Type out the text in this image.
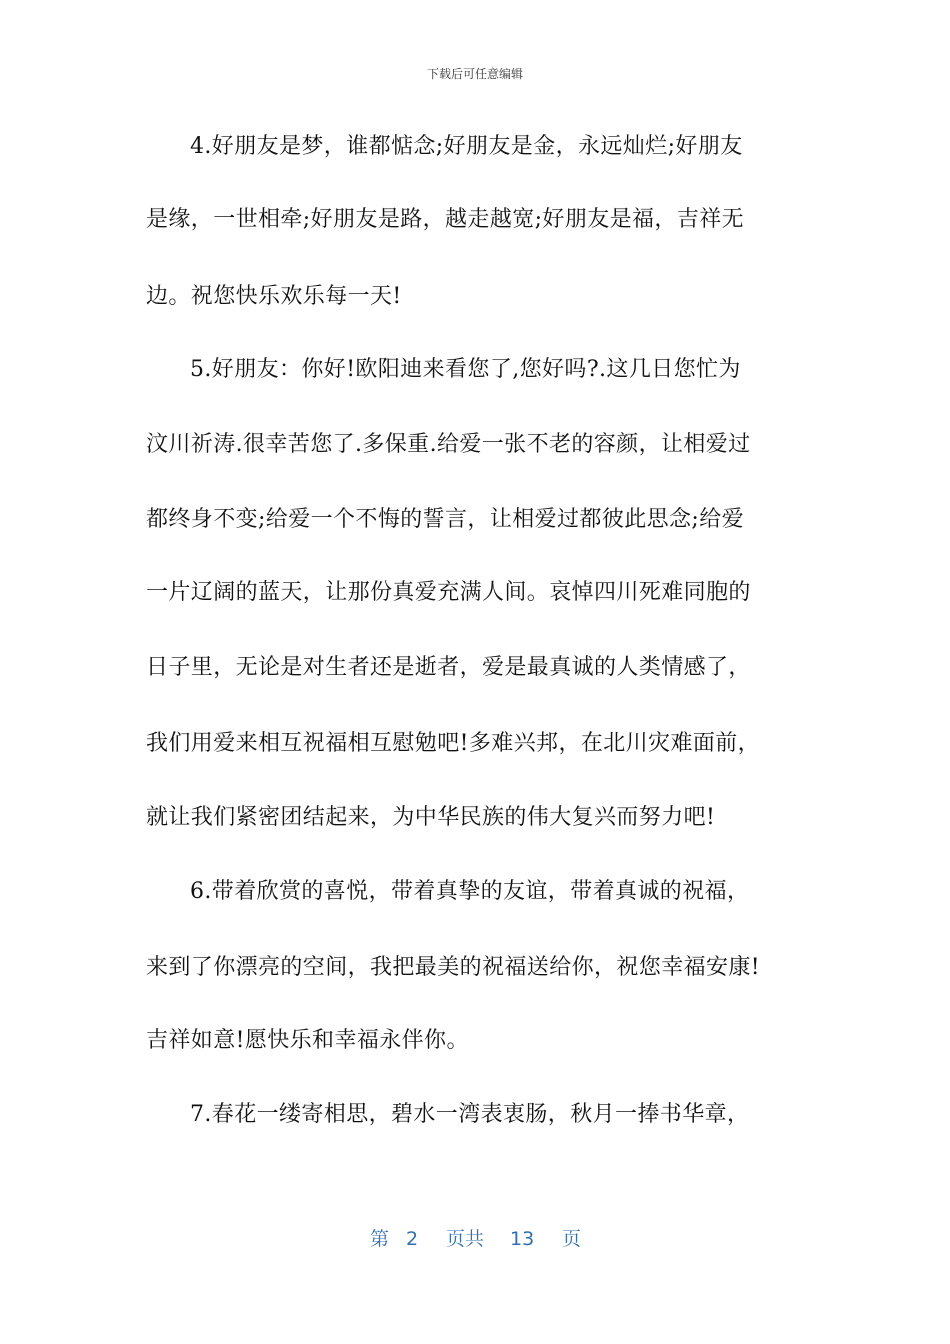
下载后可任意编辑
4.好朋友是梦，谁都惦念;好朋友是金，永远灿烂;好朋友
是缘，一世相牵;好朋友是路，越走越宽;好朋友是福，吉祥无
边。祝您快乐欢乐每一天!
5.好朋友：你好!欧阳迪来看您了,您好吗?.这几日您忙为
汶川祈涛.很幸苦您了.多保重.给爱一张不老的容颜，让相爱过
都终身不变;给爱一个不悔的誓言，让相爱过都彼此思念;给爱
一片辽阔的蓝天，让那份真爱充满人间。哀悼四川死难同胞的
日子里，无论是对生者还是逝者，爱是最真诚的人类情感了，
我们用爱来相互祝福相互慰勉吧!多难兴邦，在北川灾难面前，
就让我们紧密团结起来，为中华民族的伟大复兴而努力吧!
6.带着欣赏的喜悦，带着真挚的友谊，带着真诚的祝福，
来到了你漂亮的空间，我把最美的祝福送给你，祝您幸福安康!
吉祥如意!愿快乐和幸福永伴你。
7.春花一缕寄相思，碧水一湾表衷肠，秋月一捧书华章，
第 2 页共 13 页
